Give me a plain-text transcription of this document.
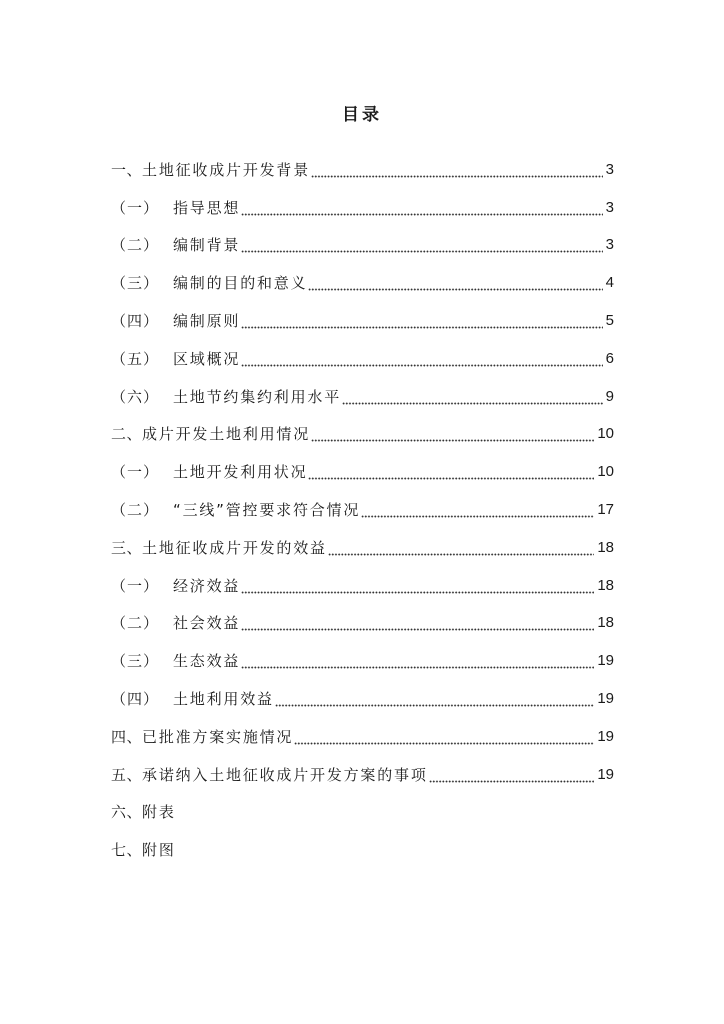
目录
一、 土地征收成片开发背景	3
（一） 指导思想	3
（二） 编制背景	3
（三） 编制的目的和意义	4
（四） 编制原则	5
（五） 区域概况	6
（六） 土地节约集约利用水平	9
二、 成片开发土地利用情况	10
（一） 土地开发利用状况	10
（二） “三线”管控要求符合情况	17
三、 土地征收成片开发的效益	18
（一） 经济效益	18
（二） 社会效益	18
（三） 生态效益	19
（四） 土地利用效益	19
四、 已批准方案实施情况	19
五、 承诺纳入土地征收成片开发方案的事项	19
六、 附表
七、 附图
